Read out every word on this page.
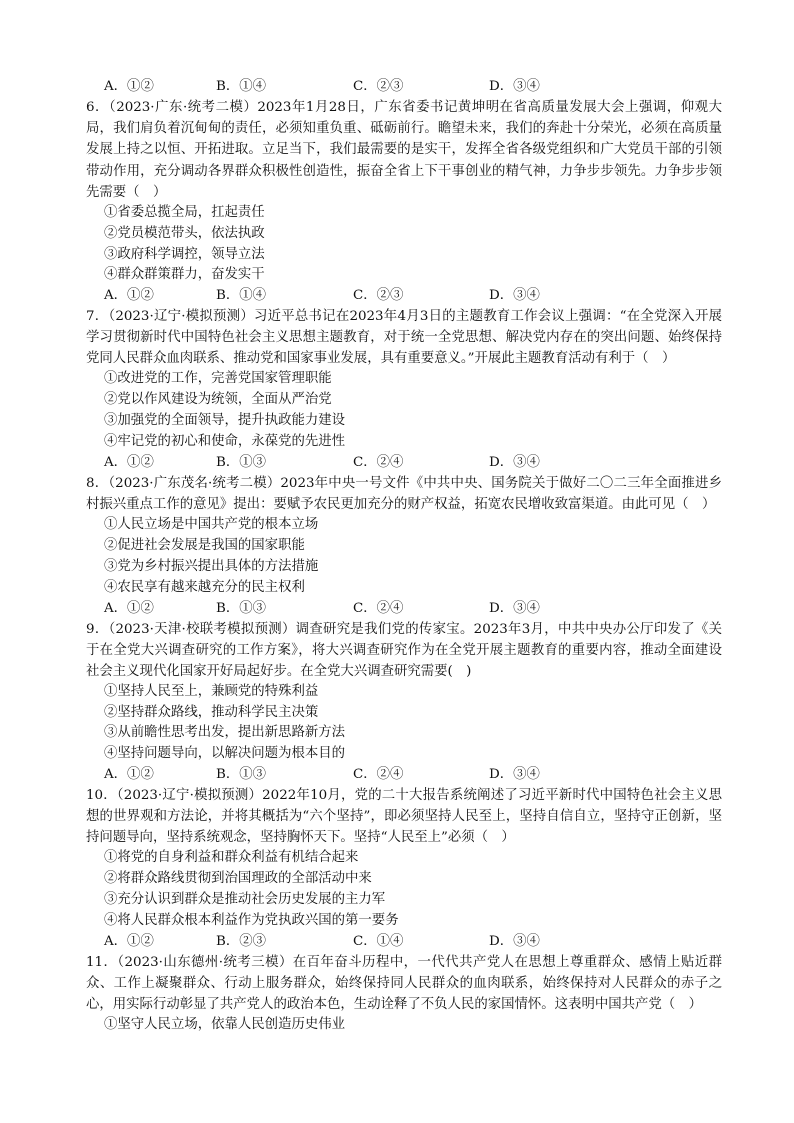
A．①②	B．①④	C．②③	D．③④
6．（2023·广东·统考二模）2023年1月28日，广东省委书记黄坤明在省高质量发展大会上强调，仰观大局，我们肩负着沉甸甸的责任，必须知重负重、砥砺前行。瞻望未来，我们的奔赴十分荣光，必须在高质量发展上持之以恒、开拓进取。立足当下，我们最需要的是实干，发挥全省各级党组织和广大党员干部的引领带动作用，充分调动各界群众积极性创造性，振奋全省上下干事创业的精气神，力争步步领先。力争步步领先需要（　）
①省委总揽全局，扛起责任
②党员模范带头，依法执政
③政府科学调控，领导立法
④群众群策群力，奋发实干
A．①②	B．①④	C．②③	D．③④
7．（2023·辽宁·模拟预测）习近平总书记在2023年4月3日的主题教育工作会议上强调：“在全党深入开展学习贯彻新时代中国特色社会主义思想主题教育，对于统一全党思想、解决党内存在的突出问题、始终保持党同人民群众血肉联系、推动党和国家事业发展，具有重要意义。”开展此主题教育活动有利于（　）
①改进党的工作，完善党国家管理职能
②党以作风建设为统领，全面从严治党
③加强党的全面领导，提升执政能力建设
④牢记党的初心和使命，永葆党的先进性
A．①②	B．①③	C．②④	D．③④
8．（2023·广东茂名·统考二模）2023年中央一号文件《中共中央、国务院关于做好二〇二三年全面推进乡村振兴重点工作的意见》提出：要赋予农民更加充分的财产权益，拓宽农民增收致富渠道。由此可见（　）
①人民立场是中国共产党的根本立场
②促进社会发展是我国的国家职能
③党为乡村振兴提出具体的方法措施
④农民享有越来越充分的民主权利
A．①②	B．①③	C．②④	D．③④
9．（2023·天津·校联考模拟预测）调查研究是我们党的传家宝。2023年3月，中共中央办公厅印发了《关于在全党大兴调查研究的工作方案》，将大兴调查研究作为在全党开展主题教育的重要内容，推动全面建设社会主义现代化国家开好局起好步。在全党大兴调查研究需要(　)
①坚持人民至上，兼顾党的特殊利益
②坚持群众路线，推动科学民主决策
③从前瞻性思考出发，提出新思路新方法
④坚持问题导向，以解决问题为根本目的
A．①②	B．①③	C．②④	D．③④
10．（2023·辽宁·模拟预测）2022年10月，党的二十大报告系统阐述了习近平新时代中国特色社会主义思想的世界观和方法论，并将其概括为“六个坚持”，即必须坚持人民至上，坚持自信自立，坚持守正创新，坚持问题导向，坚持系统观念，坚持胸怀天下。坚持“人民至上”必须（　）
①将党的自身利益和群众利益有机结合起来
②将群众路线贯彻到治国理政的全部活动中来
③充分认识到群众是推动社会历史发展的主力军
④将人民群众根本利益作为党执政兴国的第一要务
A．①②	B．②③	C．①④	D．③④
11．（2023·山东德州·统考三模）在百年奋斗历程中，一代代共产党人在思想上尊重群众、感情上贴近群众、工作上凝聚群众、行动上服务群众，始终保持同人民群众的血肉联系，始终保持对人民群众的赤子之心，用实际行动彰显了共产党人的政治本色，生动诠释了不负人民的家国情怀。这表明中国共产党（　）
①坚守人民立场，依靠人民创造历史伟业
